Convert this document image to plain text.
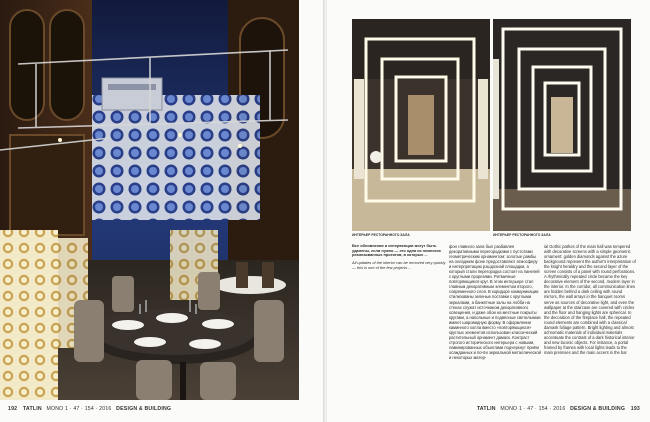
192 TATLIN MONO 1 · 47 · 154 · 2016 DESIGN & BUILDING
ИНТЕРЬЕР РЕСТОРАННОГО ЗАЛА	ИНТЕРЬЕР РЕСТОРАННОГО ЗАЛА

Все обновления и интервенции могут быть удалены, если нужно — это одна из немногих реализованных проектов, в которых ...

All updates of the interior can be removed very quickly — this is one of the few projects ...

фон главного зала был разбавлен декоративными перегородками с пустотами геометрическим орнаментом: золотые рамбы на охладжем фоне предоставляют атмосферу и интерпретацию рэшдохнай площадки, а который стали перегородка состоит из панелей с круглыми прорезями. Ритмичные повторяющиеся круг. В этом интерьере стал главным декоративным элементом второго, современного слоя. В коридоре коммуникации стилизованы зеленые поставки с круглыми зеркалами, а банкетные залы на лобби на стенах служат источником декоративного освещения, и даже обои на местные покрыты кругами, а напольные и подвесные светильники имеют шаровидную форму. В оформлении каминного холла вместо «повторяющихся» круглых элементов использован классический растительный орнамент дамаск. Контраст строгого исторического интерьера с новыми, ламинированных объектами подчеркнут приём осажданных и почти зеркальной металлической и некоторых матер-

ial Gothic pathos of the main hall was tempered with decorative screens with a simple geometric ornament: golden diamonds against the azure background represent the author's interpretation of the knight heraldry and the second layer of the screen consists of a panel with round perforations. A rhythmically repeated circle became the key decorative element of the second, modern layer in the interior. In the corridor, all communication lines are hidden behind a dark ceiling with round mirrors, the wall arrays in the banquet rooms serve as sources of decorative light, and even the wallpaper at the staircase are covered with circles and the floor and hanging lights are spherical. In the decoration of the fireplace hall, the repeated round elements are combined with a classical damask foliage pattern. Bright lighting and almost achromatic materials of individual materials accentuate the contrast of a dark historical interior and new laconic objects. For instance, a portal framed by frames with local lights leads to the main premises and the main accent in the bar

TATLIN MONO 1 · 47 · 154 · 2016 DESIGN & BUILDING 193
